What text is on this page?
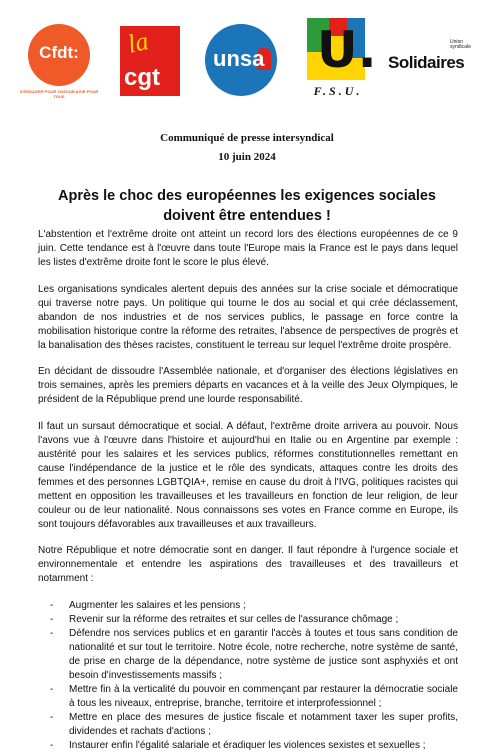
Cfdt:
S'ENGAGER POUR CHACUN AGIR POUR TOUS
la
cgt
unsa U.
F.S.U.
Union syndicale
Solidaires
Communiqué de presse intersyndical
10 juin 2024
Après le choc des européennes les exigences sociales doivent être entendues !

L'abstention et l'extrême droite ont atteint un record lors des élections européennes de ce 9 juin. Cette tendance est à l'œuvre dans toute l'Europe mais la France est le pays dans lequel les listes d'extrême droite font le score le plus élevé.

Les organisations syndicales alertent depuis des années sur la crise sociale et démocratique qui traverse notre pays. Un politique qui tourne le dos au social et qui crée déclassement, abandon de nos industries et de nos services publics, le passage en force contre la mobilisation historique contre la réforme des retraites, l'absence de perspectives de progrès et la banalisation des thèses racistes, constituent le terreau sur lequel l'extrême droite prospère.

En décidant de dissoudre l'Assemblée nationale, et d'organiser des élections législatives en trois semaines, après les premiers départs en vacances et à la veille des Jeux Olympiques, le président de la République prend une lourde responsabilité.

Il faut un sursaut démocratique et social. A défaut, l'extrême droite arrivera au pouvoir. Nous l'avons vue à l'œuvre dans l'histoire et aujourd'hui en Italie ou en Argentine par exemple : austérité pour les salaires et les services publics, réformes constitutionnelles remettant en cause l'indépendance de la justice et le rôle des syndicats, attaques contre les droits des femmes et des personnes LGBTQIA+, remise en cause du droit à l'IVG, politiques racistes qui mettent en opposition les travailleuses et les travailleurs en fonction de leur religion, de leur couleur ou de leur nationalité. Nous connaissons ses votes en France comme en Europe, ils sont toujours défavorables aux travailleuses et aux travailleurs.

Notre République et notre démocratie sont en danger. Il faut répondre à l'urgence sociale et environnementale et entendre les aspirations des travailleuses et des travailleurs et notamment :

- Augmenter les salaires et les pensions ;
- Revenir sur la réforme des retraites et sur celles de l'assurance chômage ;
- Défendre nos services publics et en garantir l'accès à toutes et tous sans condition de nationalité et sur tout le territoire. Notre école, notre recherche, notre système de santé, de prise en charge de la dépendance, notre système de justice sont asphyxiés et ont besoin d'investissements massifs ;
- Mettre fin à la verticalité du pouvoir en commençant par restaurer la démocratie sociale à tous les niveaux, entreprise, branche, territoire et interprofessionnel ;
- Mettre en place des mesures de justice fiscale et notamment taxer les super profits, dividendes et rachats d'actions ;
- Instaurer enfin l'égalité salariale et éradiquer les violences sexistes et sexuelles ;
